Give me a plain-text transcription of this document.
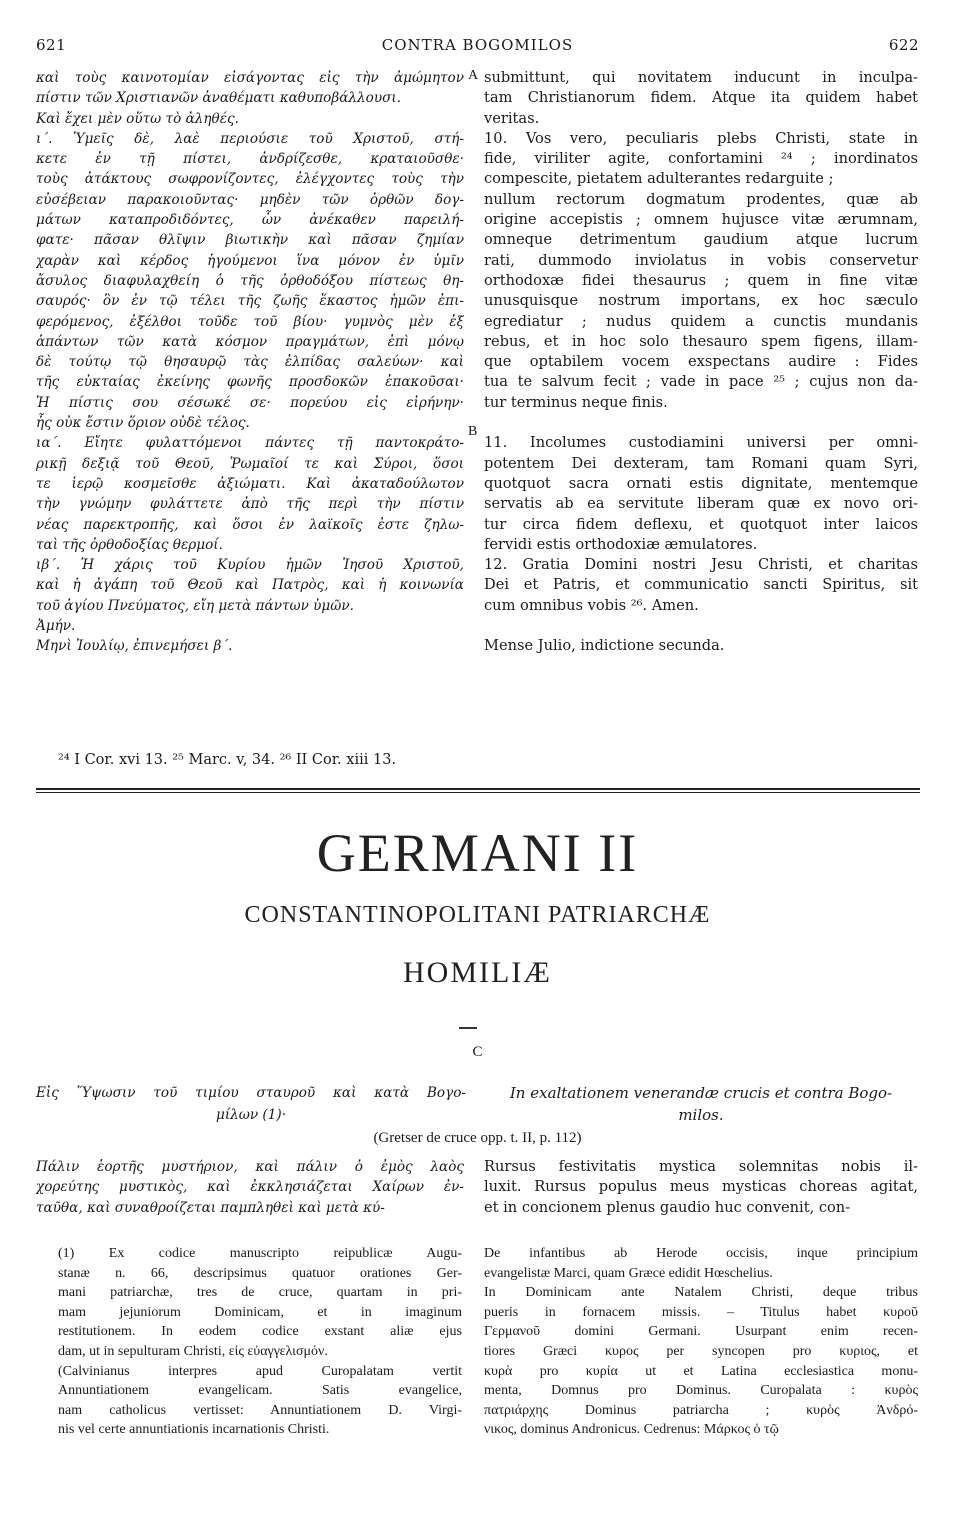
621	CONTRA BOGOMILOS	622
καὶ τοὺς καινοτομίαν εἰσάγοντας εἰς τὴν ἀμώμητον
πίστιν τῶν Χριστιανῶν ἀναθέματι καθυποβάλλουσι.
Καὶ ἔχει μὲν οὕτω τὸ ἀληθές.
ι΄. Ὑμεῖς δὲ, λαὲ περιούσιε τοῦ Χριστοῦ, στή-
κετε ἐν τῇ πίστει, ἀνδρίζεσθε, κραταιοῦσθε·
τοὺς ἀτάκτους σωφρονίζοντες, ἐλέγχοντες τοὺς τὴν
εὐσέβειαν παρακοιοῦντας· μηδὲν τῶν ὀρθῶν δογ-
μάτων καταπροδιδόντες, ὧν ἀνέκαθεν παρειλή-
φατε· πᾶσαν θλῖψιν βιωτικὴν καὶ πᾶσαν ζημίαν
χαρὰν καὶ κέρδος ἡγούμενοι ἵνα μόνον ἐν ὑμῖν
ἄσυλος διαφυλαχθείη ὁ τῆς ὀρθοδόξου πίστεως θη-
σαυρός· ὃν ἐν τῷ τέλει τῆς ζωῆς ἕκαστος ἡμῶν ἐπι-
φερόμενος, ἐξέλθοι τοῦδε τοῦ βίου· γυμνὸς μὲν ἐξ
ἁπάντων τῶν κατὰ κόσμον πραγμάτων, ἐπὶ μόνῳ
δὲ τούτῳ τῷ θησαυρῷ τὰς ἐλπίδας σαλεύων· καὶ
τῆς εὐκταίας ἐκείνης φωνῆς προσδοκῶν ἐπακοῦσαι·
Ἡ πίστις σου σέσωκέ σε· πορεύου εἰς εἰρήνην·
ἧς οὐκ ἔστιν ὅριον οὐδὲ τέλος.
ια΄. Εἴητε φυλαττόμενοι πάντες τῇ παντοκράτο-
ρικῇ δεξιᾷ τοῦ Θεοῦ, Ῥωμαῖοί τε καὶ Σύροι, ὅσοι
τε ἱερῷ κοσμεῖσθε ἀξιώματι. Καὶ ἀκαταδούλωτον
τὴν γνώμην φυλάττετε ἀπὸ τῆς περὶ τὴν πίστιν
νέας παρεκτροπῆς, καὶ ὅσοι ἐν λαϊκοῖς ἐστε ζηλω-
ταὶ τῆς ὀρθοδοξίας θερμοί.
ιβ΄. Ἡ χάρις τοῦ Κυρίου ἡμῶν Ἰησοῦ Χριστοῦ,
καὶ ἡ ἀγάπη τοῦ Θεοῦ καὶ Πατρὸς, καὶ ἡ κοινωνία
τοῦ ἁγίου Πνεύματος, εἴη μετὰ πάντων ὑμῶν.
Ἀμήν.
Μηνὶ Ἰουλίῳ, ἐπινεμήσει β΄.
submittunt, qui novitatem inducunt in inculpa-
tam Christianorum fidem. Atque ita quidem habet
veritas.
10. Vos vero, peculiaris plebs Christi, state in
fide, viriliter agite, confortamini ²⁴ ; inordinatos
compescite, pietatem adulterantes redarguite ;
nullum rectorum dogmatum prodentes, quæ ab
origine accepistis ; omnem hujusce vitæ ærumnam,
omneque detrimentum gaudium atque lucrum
rati, dummodo inviolatus in vobis conservetur
orthodoxæ fidei thesaurus ; quem in fine vitæ
unusquisque nostrum importans, ex hoc sæculo
egrediatur ; nudus quidem a cunctis mundanis
rebus, et in hoc solo thesauro spem figens, illam-
que optabilem vocem exspectans audire : Fides
tua te salvum fecit ; vade in pace ²⁵ ; cujus non da-
tur terminus neque finis.

11. Incolumes custodiamini universi per omni-
potentem Dei dexteram, tam Romani quam Syri,
quotquot sacra ornati estis dignitate, mentemque
servatis ab ea servitute liberam quæ ex novo ori-
tur circa fidem deflexu, et quotquot inter laicos
fervidi estis orthodoxiæ æmulatores.
12. Gratia Domini nostri Jesu Christi, et charitas
Dei et Patris, et communicatio sancti Spiritus, sit
cum omnibus vobis ²⁶. Amen.

Mense Julio, indictione secunda.
A
B
²⁴ I Cor. xvi 13. ²⁵ Marc. v, 34. ²⁶ II Cor. xiii 13.
GERMANI II
CONSTANTINOPOLITANI PATRIARCHÆ
HOMILIÆ
C
Εἰς Ὕψωσιν τοῦ τιμίου σταυροῦ καὶ κατὰ Βογο-
μίλων (1)·
In exaltationem venerandæ crucis et contra Bogo-
milos.
(Gretser de cruce opp. t. II, p. 112)
Πάλιν ἑορτῆς μυστήριον, καὶ πάλιν ὁ ἐμὸς λαὸς
χορεύτης μυστικὸς, καὶ ἐκκλησιάζεται Χαίρων ἐν-
ταῦθα, καὶ συναθροίζεται παμπληθεὶ καὶ μετὰ κύ-
Rursus festivitatis mystica solemnitas nobis il-
luxit. Rursus populus meus mysticas choreas agitat,
et in concionem plenus gaudio huc convenit, con-
(1) Ex codice manuscripto reipublicæ Augu-
stanæ n. 66, descripsimus quatuor orationes Ger-
mani patriarchæ, tres de cruce, quartam in pri-
mam jejuniorum Dominicam, et in imaginum
restitutionem. In eodem codice exstant aliæ ejus
dam, ut in sepulturam Christi, εἰς εὐαγγελισμόν.
(Calvinianus interpres apud Curopalatam vertit
Annuntiationem evangelicam. Satis evangelice,
nam catholicus vertisset: Annuntiationem D. Virgi-
nis vel certe annuntiationis incarnationis Christi.
De infantibus ab Herode occisis, inque principium
evangelistæ Marci, quam Græce edidit Hœschelius.
In Dominicam ante Natalem Christi, deque tribus
pueris in fornacem missis. – Titulus habet κυροῦ
Γερμανοῦ domini Germani. Usurpant enim recen-
tiores Græci κυρος per syncopen pro κυριος, et
κυρὰ pro κυρία ut et Latina ecclesiastica monu-
menta, Domnus pro Dominus. Curopalata : κυρὸς
πατριάρχης Dominus patriarcha ; κυρὸς Ἀνδρό-
νικος, dominus Andronicus. Cedrenus: Μάρκος ὁ τῷ
